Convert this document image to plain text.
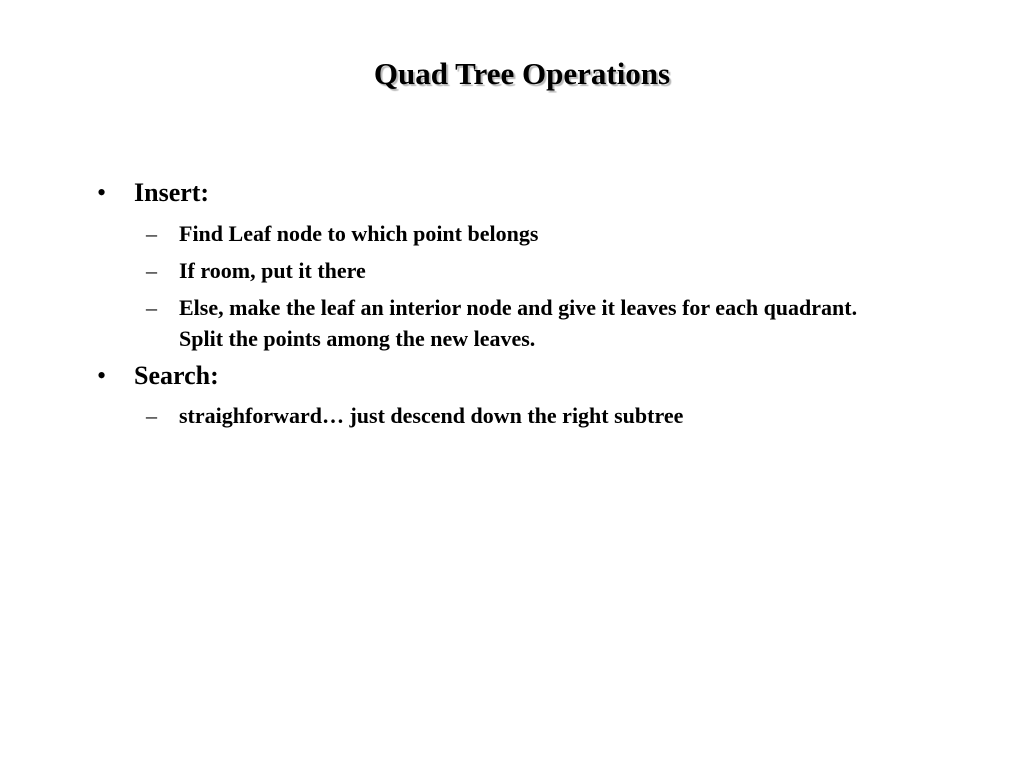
Quad Tree Operations
• Insert:
– Find Leaf node to which point belongs
– If room, put it there
– Else, make the leaf an interior node and give it leaves for each quadrant. Split the points among the new leaves.
• Search:
– straighforward… just descend down the right subtree
